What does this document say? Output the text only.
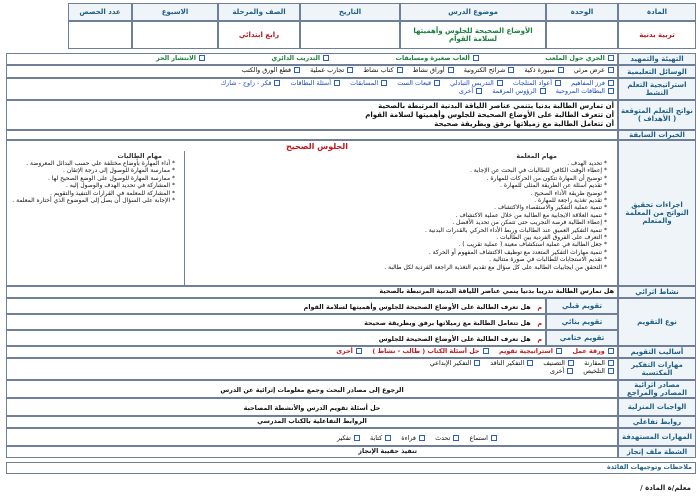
المادة
الوحدة
موضوع الدرس
التاريخ
الصف والمرحلة
الاسبوع
عدد الحصص
تربية بدنية
الأوضاع الصحيحة للجلوس وأهميتها لسلامة القوام
رابع ابتدائي
التهيئة والتمهيد
الجري حول الملعب  ألعاب صغيرة ومسابقات  التدريب الدائري  الانتشار الحر
الوسائل التعليمية
عرض مرئي  سبورة ذكية  شرائح الكترونية  أوراق نشاط  كتاب نشاط  تجارب عملية  قطع الورق والكتب
استراتيجية التعلم النشط
فرز المفاهيم  أعواد المثلجات  التدريس التبادلي  قبعات الست  المسابقات  أسئلة البطاقات  فكر - زاوج - شارك
البطاقات المروحية  الرؤوس المرقمة  أخرى
نواتج التعلم المتوقعة ( الأهداف )
أن تمارس الطالبة بدنيا بتنمي عناصر اللياقة البدنية المرتبطة بالصحية
أن تتعرف الطالبة على الأوضاع الصحيحة للجلوس وأهميتها لسلامة القوام
أن تتعامل الطالبة مع زميلاتها برفق وبطريقة صحيحة
الخبرات السابقة
اجراءات تحقيق النواتج من المعلمة والمتعلم
الجلوس الصحيح
مهام المعلمة
مهام الطالبات
* تحديد الهدف .
* إعطاء الوقت الكافي للطالبات في البحث عن الإجابة .
* توضيح أن المهارة تتكون من الحركات للمهارة .
* تقديم أسئلة عن الطريقة المثلى للمهارة .
* توضيح طريقة الأداء الصحيح .
* تقديم تغذية راجعة للمهارة .
* تنمية عملية التفكير والاستقصاء والاكتشاف .
* تنمية العلاقة الايجابية مع الطالبة من خلال عملية الاكتشاف .
* إعطاء الطالبة فرصة التجريب حتى تتمكن من تحديد الأفضل .
* تنمية التفكير العميق عند الطالبات وربط الأداء الحركي بالقدرات البدنية .
* التعرف على الفروق الفردية بين الطالبات .
* جعل الطالبة في عملية استكشاف معينة ( عملية تقريب ) .
* تنمية مهارات التفكير المتعدد مع توظيف الاكتشاف المفهوم أو الحركة .
* تقديم الاستجابات للطالبات في صورة متتالية .
* التحقق من ايجابيات الطالبة على كل سؤال مع تقديم التغذية الراجعة الفردية لكل طالبة .
* أداء المهارة بأوضاع مختلفة على حسب البدائل المعروضة .
* ممارسة المهارة للوصول إلى درجة الإتقان .
* ممارسة المهارة للوصول على الوضع الصحيح لها .
* المشاركة في تحديد الهدف والوصول إليه .
* المشاركة للمعلمة في القرارات التنفيذ والتقويم .
* الإجابة على السؤال أن يصل إلى الموضوع الذي أختاره المعلمة .
نشاط اثرائي
هل تمارس الطالبة تدريبا بدنيا ينمي عناصر اللياقة البدنية المرتبطة بالصحية
نوع التقويم
تقويم قبلي
تقويم بنائي
تقويم ختامي
م   هل تعرف الطالبة على الأوضاع الصحيحة للجلوس وأهميتها لسلامة القوام
م   هل تتعامل الطالبة مع زميلاتها برفق وبطريقة صحيحة
م   هل تعرف الطالبة على الأوضاع الصحيحة للجلوس
أساليب التقويم
ورقة عمل  استراتيجية تقويم  حل أسئلة الكتاب ( طالب - نشاط )  أخرى
مهارات التفكير المكتسبة
المقارنة  التصنيف  التفكير الناقد  التفكير الإبداعي
التلخيص  أخرى
مصادر اثرائية المصادر والمراجع
الرجوع إلى مصادر البحث وجمع معلومات إثرائية عن الدرس
الواجبات المنزلية
حل أسئلة تقويم الدرس والأنشطة المصاحبة
روابط تفاعلي
الروابط التفاعلية بالكتاب المدرسي
المهارات المستهدفة
استماع  تحدث  قراءة  كتابة  تفكير
الشطة ملف إنجاز
تنفيذ حقيبة الإنجاز
ملاحظات وتوجيهات القائدة
معلم/ة المادة /
